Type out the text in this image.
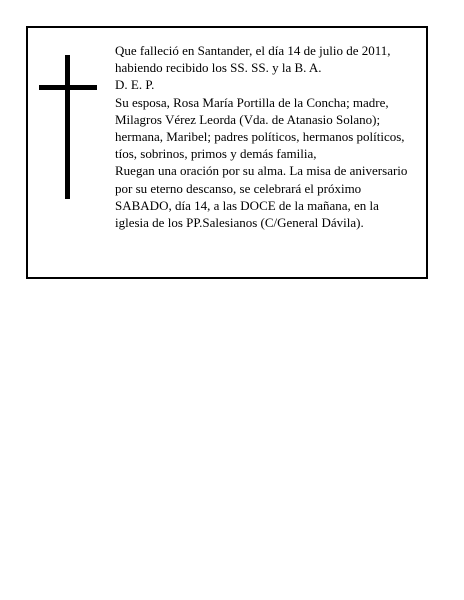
Que falleció en Santander, el día 14 de julio de 2011,
habiendo recibido los SS. SS. y la B. A.
D. E. P.
Su esposa, Rosa María Portilla de la Concha; madre,
Milagros Vérez Leorda (Vda. de Atanasio Solano);
hermana, Maribel; padres políticos, hermanos políticos,
tíos, sobrinos, primos y demás familia,
Ruegan una oración por su alma. La misa de aniversario
por su eterno descanso, se celebrará el próximo
SABADO, día 14, a las DOCE de la mañana, en la
iglesia de los PP.Salesianos (C/General Dávila).
